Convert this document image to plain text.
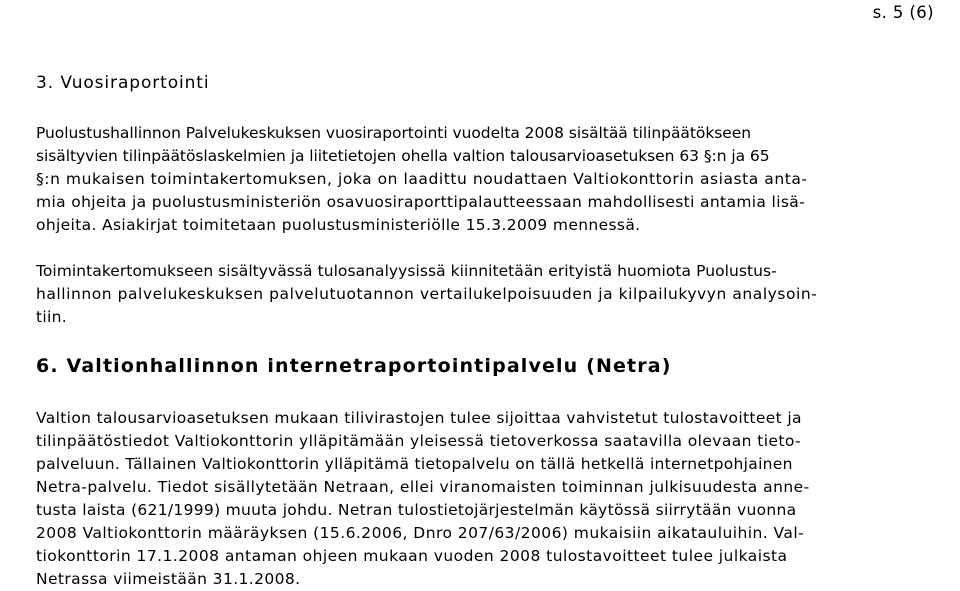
s. 5 (6)
3. Vuosiraportointi

Puolustushallinnon Palvelukeskuksen vuosiraportointi vuodelta 2008 sisältää tilinpäätökseen
sisältyvien tilinpäätöslaskelmien ja liitetietojen ohella valtion talousarvioasetuksen 63 §:n ja 65
§:n mukaisen toimintakertomuksen, joka on laadittu noudattaen Valtiokonttorin asiasta anta-
mia ohjeita ja puolustusministeriön osavuosiraporttipalautteessaan mahdollisesti antamia lisä-
ohjeita. Asiakirjat toimitetaan puolustusministeriölle 15.3.2009 mennessä.

Toimintakertomukseen sisältyvässä tulosanalyysissä kiinnitetään erityistä huomiota Puolustus-
hallinnon palvelukeskuksen palvelutuotannon vertailukelpoisuuden ja kilpailukyvyn analysoin-
tiin.

6. Valtionhallinnon internetraportointipalvelu (Netra)

Valtion talousarvioasetuksen mukaan tilivirastojen tulee sijoittaa vahvistetut tulostavoitteet ja
tilinpäätöstiedot Valtiokonttorin ylläpitämään yleisessä tietoverkossa saatavilla olevaan tieto-
palveluun. Tällainen Valtiokonttorin ylläpitämä tietopalvelu on tällä hetkellä internetpohjainen
Netra-palvelu. Tiedot sisällytetään Netraan, ellei viranomaisten toiminnan julkisuudesta anne-
tusta laista (621/1999) muuta johdu. Netran tulostietojärjestelmän käytössä siirrytään vuonna
2008 Valtiokonttorin määräyksen (15.6.2006, Dnro 207/63/2006) mukaisiin aikatauluihin. Val-
tiokonttorin 17.1.2008 antaman ohjeen mukaan vuoden 2008 tulostavoitteet tulee julkaista
Netrassa viimeistään 31.1.2008.
